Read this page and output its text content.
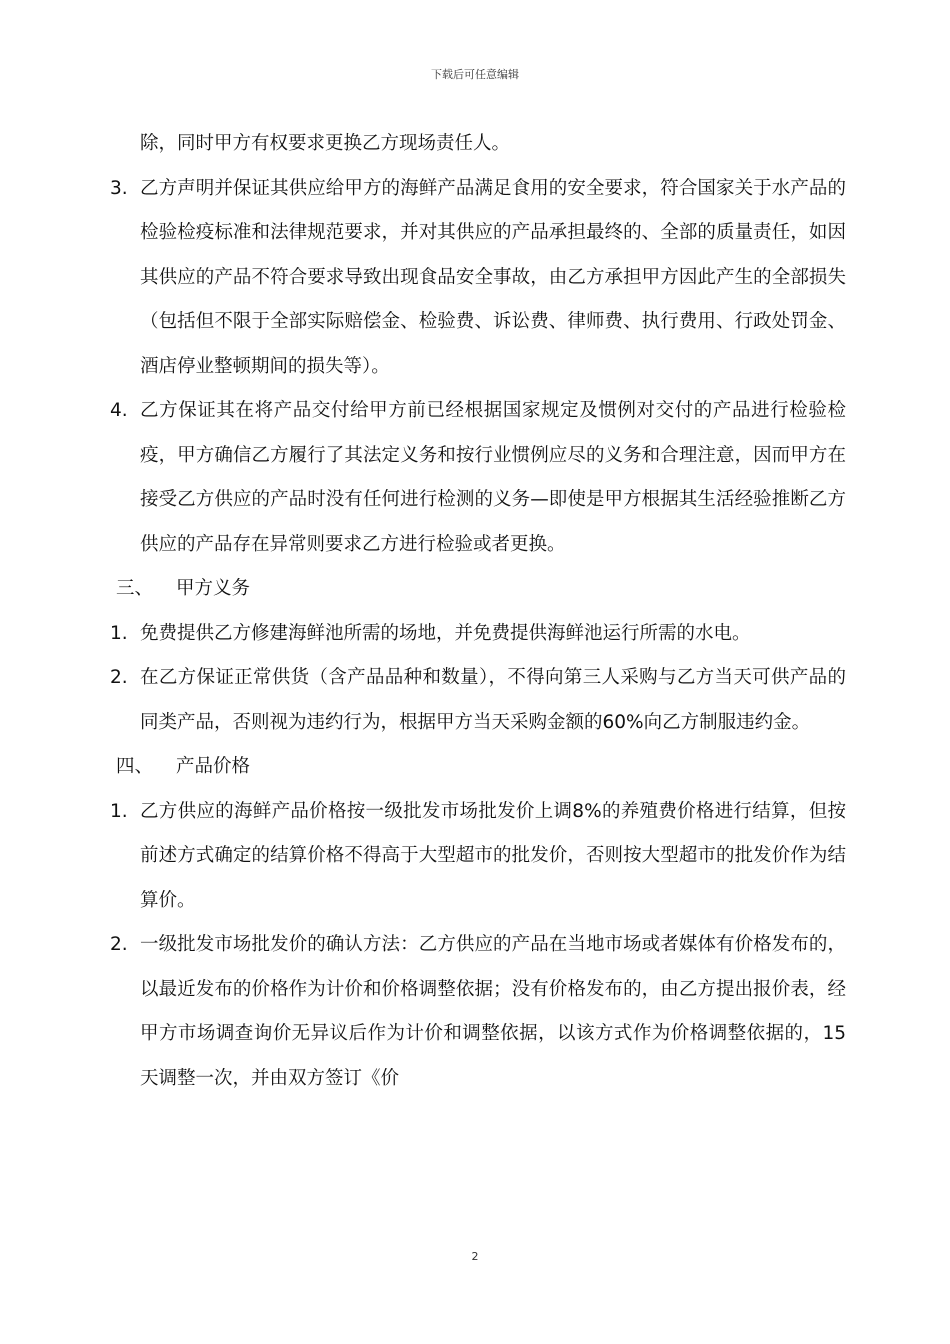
下载后可任意编辑
除，同时甲方有权要求更换乙方现场责任人。
3. 乙方声明并保证其供应给甲方的海鲜产品满足食用的安全要求，符合国家关于水产品的检验检疫标准和法律规范要求，并对其供应的产品承担最终的、全部的质量责任，如因其供应的产品不符合要求导致出现食品安全事故，由乙方承担甲方因此产生的全部损失（包括但不限于全部实际赔偿金、检验费、诉讼费、律师费、执行费用、行政处罚金、酒店停业整顿期间的损失等）。
4. 乙方保证其在将产品交付给甲方前已经根据国家规定及惯例对交付的产品进行检验检疫，甲方确信乙方履行了其法定义务和按行业惯例应尽的义务和合理注意，因而甲方在接受乙方供应的产品时没有任何进行检测的义务—即使是甲方根据其生活经验推断乙方供应的产品存在异常则要求乙方进行检验或者更换。
三、 甲方义务
1. 免费提供乙方修建海鲜池所需的场地，并免费提供海鲜池运行所需的水电。
2. 在乙方保证正常供货（含产品品种和数量），不得向第三人采购与乙方当天可供产品的同类产品，否则视为违约行为，根据甲方当天采购金额的60%向乙方制服违约金。
四、 产品价格
1. 乙方供应的海鲜产品价格按一级批发市场批发价上调8%的养殖费价格进行结算，但按前述方式确定的结算价格不得高于大型超市的批发价，否则按大型超市的批发价作为结算价。
2. 一级批发市场批发价的确认方法：乙方供应的产品在当地市场或者媒体有价格发布的，以最近发布的价格作为计价和价格调整依据；没有价格发布的，由乙方提出报价表，经甲方市场调查询价无异议后作为计价和调整依据，以该方式作为价格调整依据的，15天调整一次，并由双方签订《价
2
